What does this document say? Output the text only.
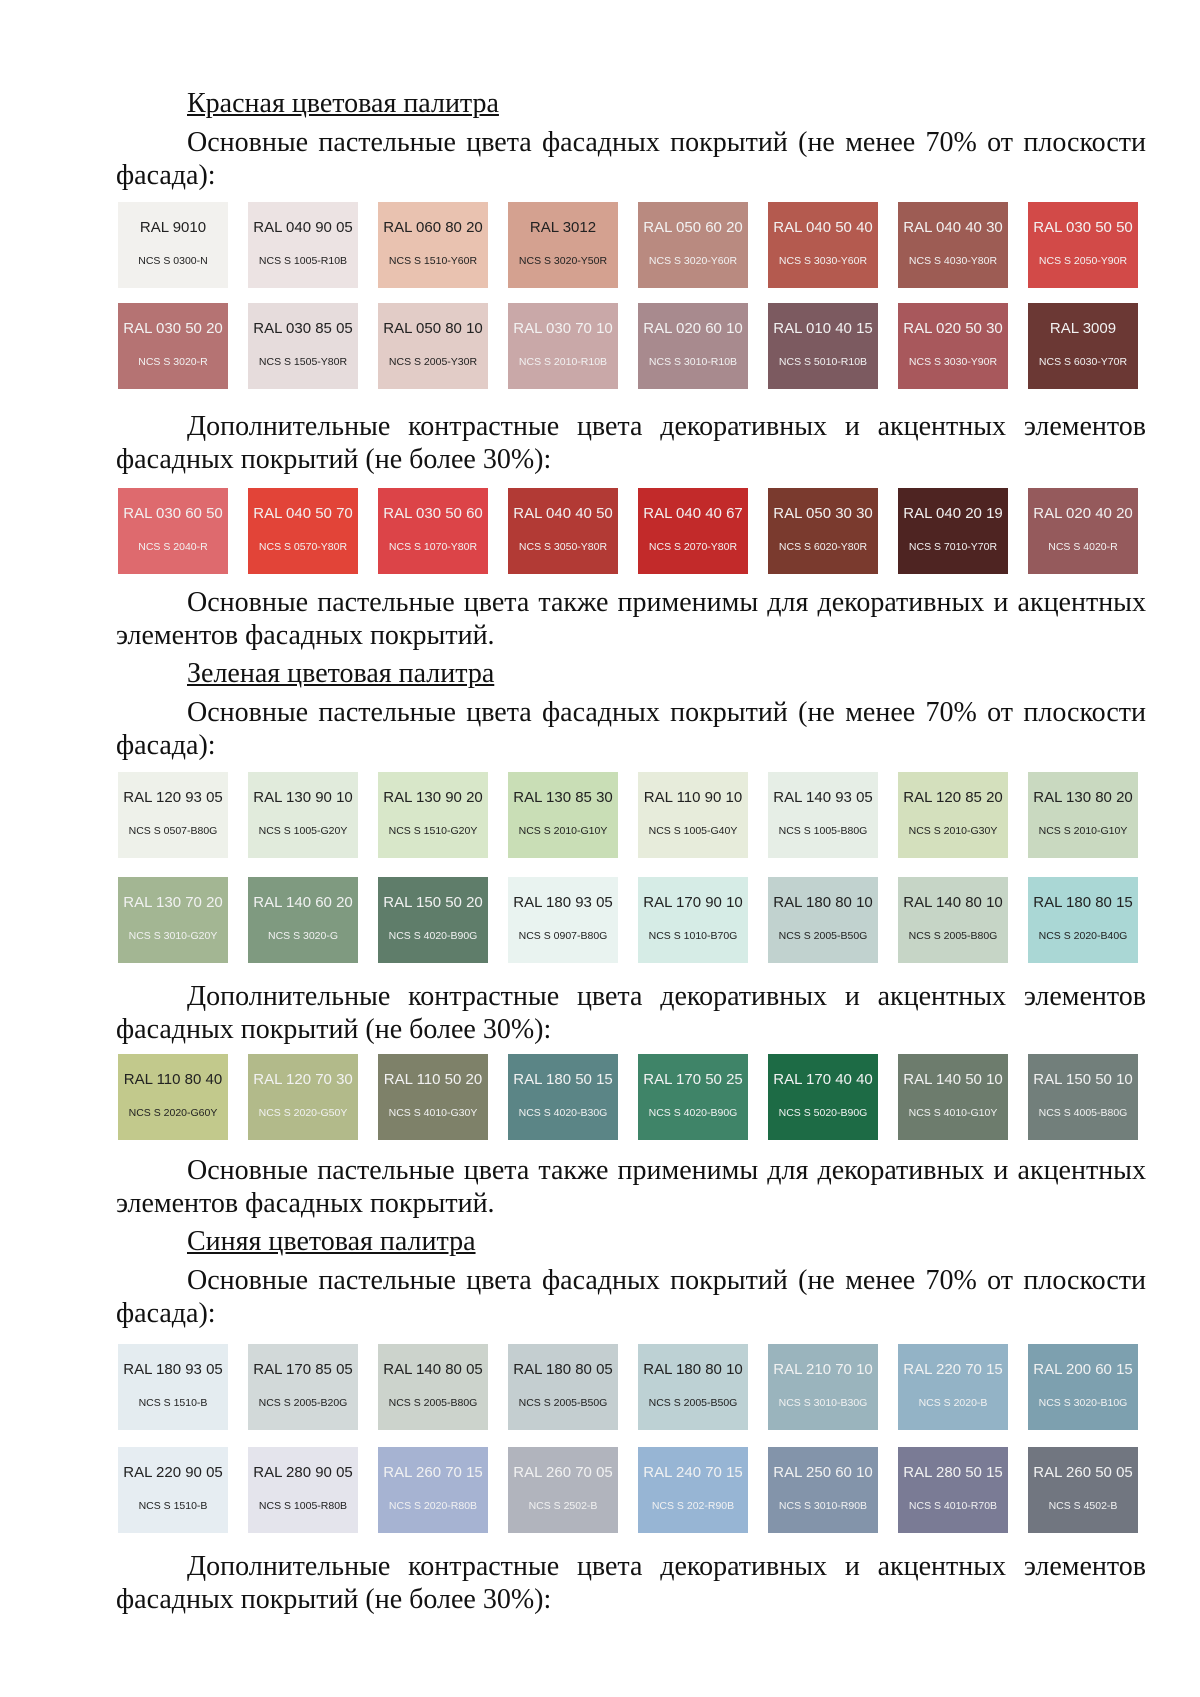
Красная цветовая палитра
Основные пастельные цвета фасадных покрытий (не менее 70% от плоскости фасада):
RAL 9010
NCS S 0300-N
RAL 040 90 05
NCS S 1005-R10B
RAL 060 80 20
NCS S 1510-Y60R
RAL 3012
NCS S 3020-Y50R
RAL 050 60 20
NCS S 3020-Y60R
RAL 040 50 40
NCS S 3030-Y60R
RAL 040 40 30
NCS S 4030-Y80R
RAL 030 50 50
NCS S 2050-Y90R
RAL 030 50 20
NCS S 3020-R
RAL 030 85 05
NCS S 1505-Y80R
RAL 050 80 10
NCS S 2005-Y30R
RAL 030 70 10
NCS S 2010-R10B
RAL 020 60 10
NCS S 3010-R10B
RAL 010 40 15
NCS S 5010-R10B
RAL 020 50 30
NCS S 3030-Y90R
RAL 3009
NCS S 6030-Y70R
Дополнительные контрастные цвета декоративных и акцентных элементов фасадных покрытий (не более 30%):
RAL 030 60 50
NCS S 2040-R
RAL 040 50 70
NCS S 0570-Y80R
RAL 030 50 60
NCS S 1070-Y80R
RAL 040 40 50
NCS S 3050-Y80R
RAL 040 40 67
NCS S 2070-Y80R
RAL 050 30 30
NCS S 6020-Y80R
RAL 040 20 19
NCS S 7010-Y70R
RAL 020 40 20
NCS S 4020-R
Основные пастельные цвета также применимы для декоративных и акцентных элементов фасадных покрытий.
Зеленая цветовая палитра
Основные пастельные цвета фасадных покрытий (не менее 70% от плоскости фасада):
RAL 120 93 05
NCS S 0507-B80G
RAL 130 90 10
NCS S 1005-G20Y
RAL 130 90 20
NCS S 1510-G20Y
RAL 130 85 30
NCS S 2010-G10Y
RAL 110 90 10
NCS S 1005-G40Y
RAL 140 93 05
NCS S 1005-B80G
RAL 120 85 20
NCS S 2010-G30Y
RAL 130 80 20
NCS S 2010-G10Y
RAL 130 70 20
NCS S 3010-G20Y
RAL 140 60 20
NCS S 3020-G
RAL 150 50 20
NCS S 4020-B90G
RAL 180 93 05
NCS S 0907-B80G
RAL 170 90 10
NCS S 1010-B70G
RAL 180 80 10
NCS S 2005-B50G
RAL 140 80 10
NCS S 2005-B80G
RAL 180 80 15
NCS S 2020-B40G
Дополнительные контрастные цвета декоративных и акцентных элементов фасадных покрытий (не более 30%):
RAL 110 80 40
NCS S 2020-G60Y
RAL 120 70 30
NCS S 2020-G50Y
RAL 110 50 20
NCS S 4010-G30Y
RAL 180 50 15
NCS S 4020-B30G
RAL 170 50 25
NCS S 4020-B90G
RAL 170 40 40
NCS S 5020-B90G
RAL 140 50 10
NCS S 4010-G10Y
RAL 150 50 10
NCS S 4005-B80G
Основные пастельные цвета также применимы для декоративных и акцентных элементов фасадных покрытий.
Синяя цветовая палитра
Основные пастельные цвета фасадных покрытий (не менее 70% от плоскости фасада):
RAL 180 93 05
NCS S 1510-B
RAL 170 85 05
NCS S 2005-B20G
RAL 140 80 05
NCS S 2005-B80G
RAL 180 80 05
NCS S 2005-B50G
RAL 180 80 10
NCS S 2005-B50G
RAL 210 70 10
NCS S 3010-B30G
RAL 220 70 15
NCS S 2020-B
RAL 200 60 15
NCS S 3020-B10G
RAL 220 90 05
NCS S 1510-B
RAL 280 90 05
NCS S 1005-R80B
RAL 260 70 15
NCS S 2020-R80B
RAL 260 70 05
NCS S 2502-B
RAL 240 70 15
NCS S 202-R90B
RAL 250 60 10
NCS S 3010-R90B
RAL 280 50 15
NCS S 4010-R70B
RAL 260 50 05
NCS S 4502-B
Дополнительные контрастные цвета декоративных и акцентных элементов фасадных покрытий (не более 30%):
